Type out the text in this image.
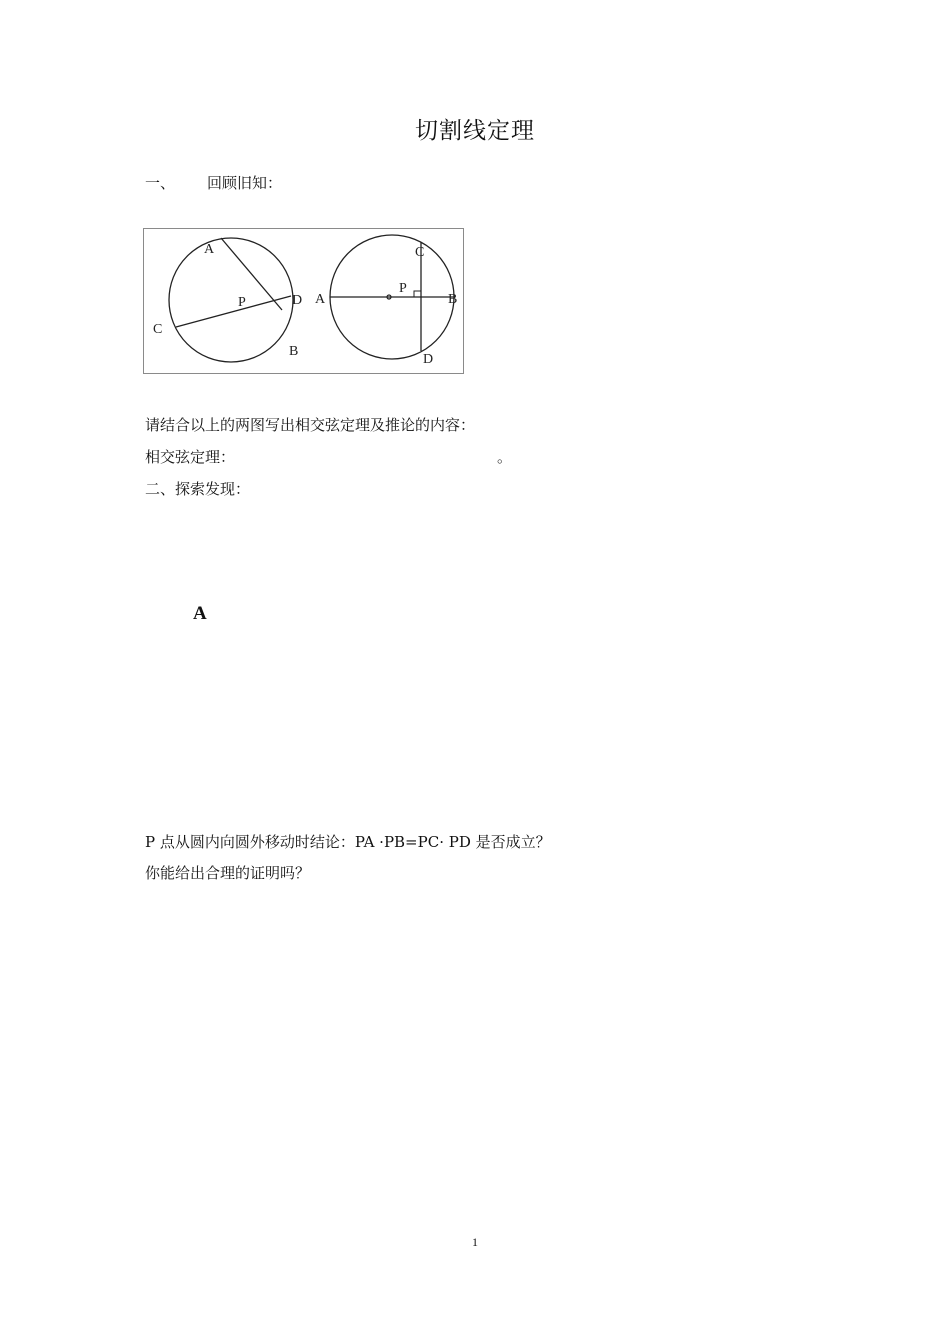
切割线定理
一、 回顾旧知：
A
P	D
C
B
A
P
C
B
D
请结合以上的两图写出相交弦定理及推论的内容：
相交弦定理：	。
二、探索发现：
A
P 点从圆内向圆外移动时结论：PA ·PB=PC· PD 是否成立？
你能给出合理的证明吗？
1
